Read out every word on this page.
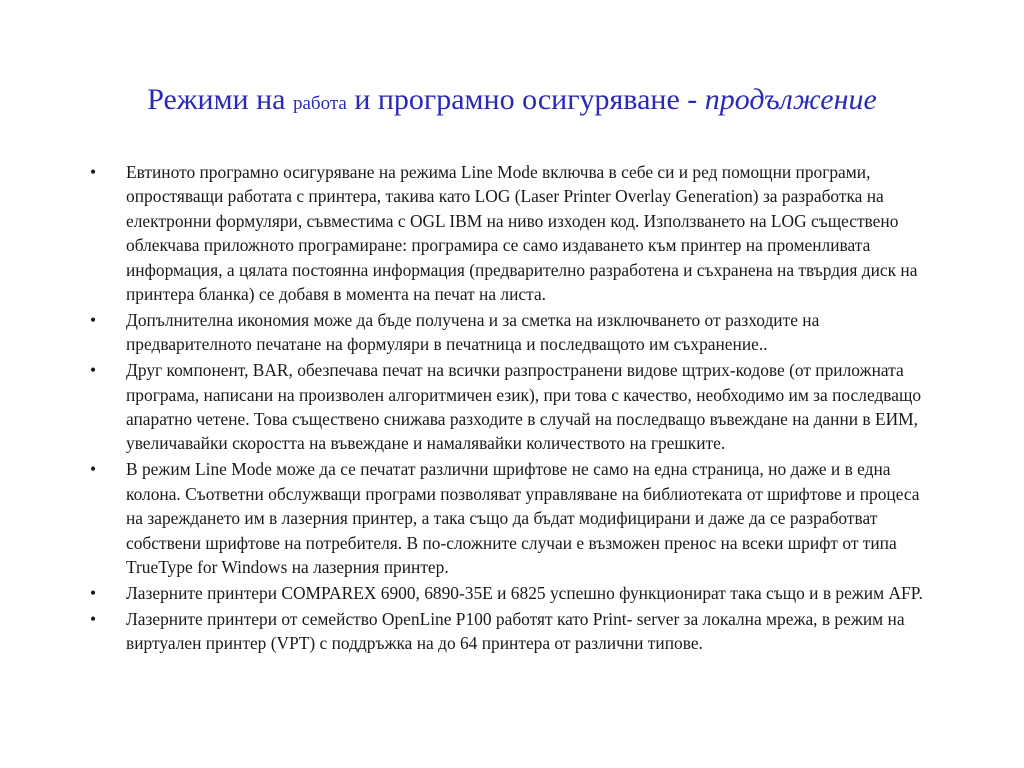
Режими на работа и програмно осигуряване - продължение
•	Евтиното програмно осигуряване на режима Line Mode включва в себе си и ред помощни програми, опростяващи работата с принтера, такива като LOG (Laser Printer Overlay Generation) за разработка на електронни формуляри, съвместима с OGL IBM на ниво изходен код. Използването на LOG съществено облекчава приложното програмиране: програмира се само издаването към принтер на променливата информация, а цялата постоянна информация (предварително разработена и съхранена на твърдия диск на принтера бланка) се добавя в момента на печат на листа.
•	Допълнителна икономия може да бъде получена и за сметка на изключването от разходите на предварителното печатане на формуляри в печатница и последващото им съхранение..
•	Друг компонент, BAR, обезпечава печат на всички разпространени видове щтрих-кодове (от приложната програма, написани на произволен алгоритмичен език), при това с качество, необходимо им за последващо апаратно четене. Това съществено снижава разходите в случай на последващо въвеждане на данни в ЕИМ, увеличавайки скоростта на въвеждане и намалявайки количеството на грешките.
•	В режим Line Mode може да се печатат различни шрифтове не само на една страница, но даже и в една колона. Съответни обслужващи програми позволяват управляване на библиотеката от шрифтове и процеса на зареждането им в лазерния принтер, а така също да бъдат модифицирани и даже да се разработват собствени шрифтове на потребителя. В по-сложните случаи е възможен пренос на всеки шрифт от типа TrueType for Windows на лазерния принтер.
•	Лазерните принтери COMPAREX 6900, 6890-35E и 6825 успешно функционират така също и в режим AFP.
•	Лазерните принтери от семейство OpenLine P100 работят като Print- server за локална мрежа, в режим на виртуален принтер (VPT) с поддръжка на до 64 принтера от различни типове.
